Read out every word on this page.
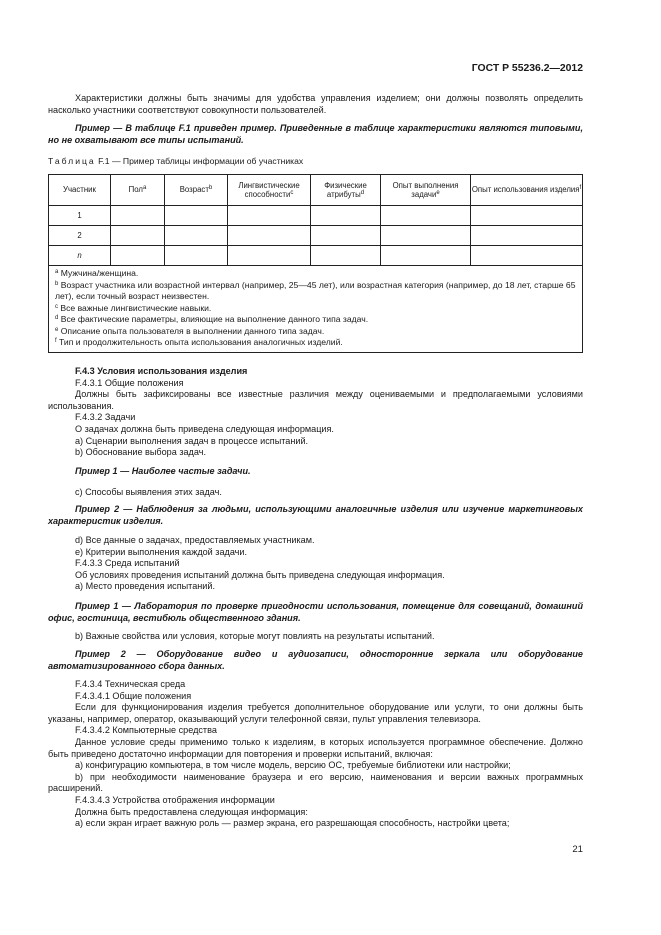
ГОСТ Р 55236.2—2012

Характеристики должны быть значимы для удобства управления изделием; они должны позволять определить насколько участники соответствуют совокупности пользователей.

Пример — В таблице F.1 приведен пример. Приведенные в таблице характеристики являются типовыми, но не охватывают все типы испытаний.

Таблица F.1 — Пример таблицы информации об участниках
Участник	Пол$^a$	Возраст$^b$	Лингвистические способности$^c$	Физические атрибуты$^d$	Опыт выполнения задачи$^e$	Опыт использования изделия$^f$
1						
2						
n						
$^a$ Мужчина/женщина.
$^b$ Возраст участника или возрастной интервал (например, 25—45 лет), или возрастная категория (например, до 18 лет, старше 65 лет), если точный возраст неизвестен.
$^c$ Все важные лингвистические навыки.
$^d$ Все фактические параметры, влияющие на выполнение данного типа задач.
$^e$ Описание опыта пользователя в выполнении данного типа задач.
$^f$ Тип и продолжительность опыта использования аналогичных изделий.

F.4.3 Условия использования изделия

F.4.3.1 Общие положения

Должны быть зафиксированы все известные различия между оцениваемыми и предполагаемыми условиями использования.

F.4.3.2 Задачи

О задачах должна быть приведена следующая информация.

а) Сценарии выполнения задач в процессе испытаний.

b) Обоснование выбора задач.

Пример 1 — Наиболее частые задачи.

c) Способы выявления этих задач.

Пример 2 — Наблюдения за людьми, использующими аналогичные изделия или изучение маркетинговых характеристик изделия.

d) Все данные о задачах, предоставляемых участникам.

e) Критерии выполнения каждой задачи.

F.4.3.3 Среда испытаний

Об условиях проведения испытаний должна быть приведена следующая информация.

а) Место проведения испытаний.

Пример 1 — Лаборатория по проверке пригодности использования, помещение для совещаний, домашний офис, гостиница, вестибюль общественного здания.

b) Важные свойства или условия, которые могут повлиять на результаты испытаний.

Пример 2 — Оборудование видео и аудиозаписи, односторонние зеркала или оборудование автоматизированного сбора данных.

F.4.3.4 Техническая среда

F.4.3.4.1 Общие положения

Если для функционирования изделия требуется дополнительное оборудование или услуги, то они должны быть указаны, например, оператор, оказывающий услуги телефонной связи, пульт управления телевизора.

F.4.3.4.2 Компьютерные средства

Данное условие среды применимо только к изделиям, в которых используется программное обеспечение. Должно быть приведено достаточно информации для повторения и проверки испытаний, включая:

а) конфигурацию компьютера, в том числе модель, версию ОС, требуемые библиотеки или настройки;

b) при необходимости наименование браузера и его версию, наименования и версии важных программных расширений.

F.4.3.4.3 Устройства отображения информации

Должна быть предоставлена следующая информация:

а) если экран играет важную роль — размер экрана, его разрешающая способность, настройки цвета;

21
